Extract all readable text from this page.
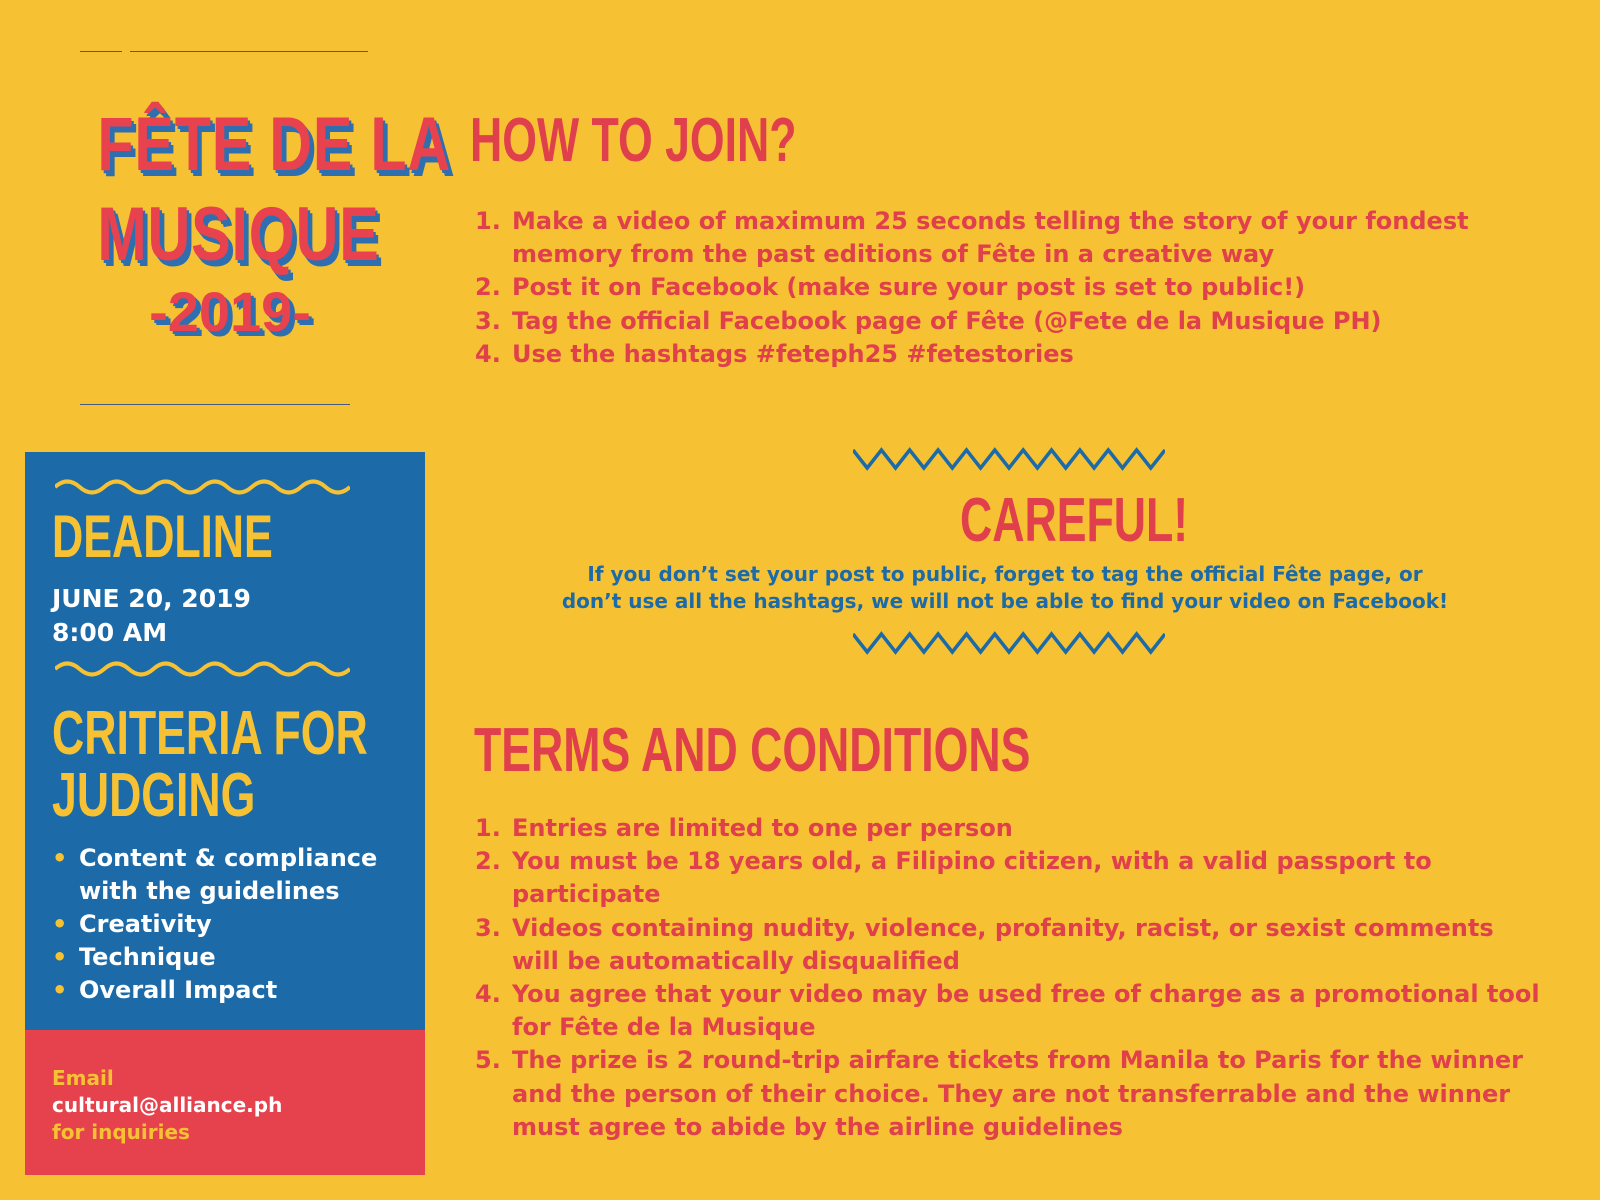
FÊTE DE LA
MUSIQUE
-2019-
DEADLINE
JUNE 20, 2019
8:00 AM
CRITERIA FOR
JUDGING
• Content & compliance with the guidelines
• Creativity
• Technique
• Overall Impact
Email
cultural@alliance.ph
for inquiries
HOW TO JOIN?
1. Make a video of maximum 25 seconds telling the story of your fondest memory from the past editions of Fête in a creative way
2. Post it on Facebook (make sure your post is set to public!)
3. Tag the official Facebook page of Fête (@Fete de la Musique PH)
4. Use the hashtags #feteph25 #fetestories
CAREFUL!
If you don’t set your post to public, forget to tag the official Fête page, or
don’t use all the hashtags, we will not be able to find your video on Facebook!
TERMS AND CONDITIONS
1. Entries are limited to one per person
2. You must be 18 years old, a Filipino citizen, with a valid passport to participate
3. Videos containing nudity, violence, profanity, racist, or sexist comments will be automatically disqualified
4. You agree that your video may be used free of charge as a promotional tool for Fête de la Musique
5. The prize is 2 round-trip airfare tickets from Manila to Paris for the winner and the person of their choice. They are not transferrable and the winner must agree to abide by the airline guidelines
